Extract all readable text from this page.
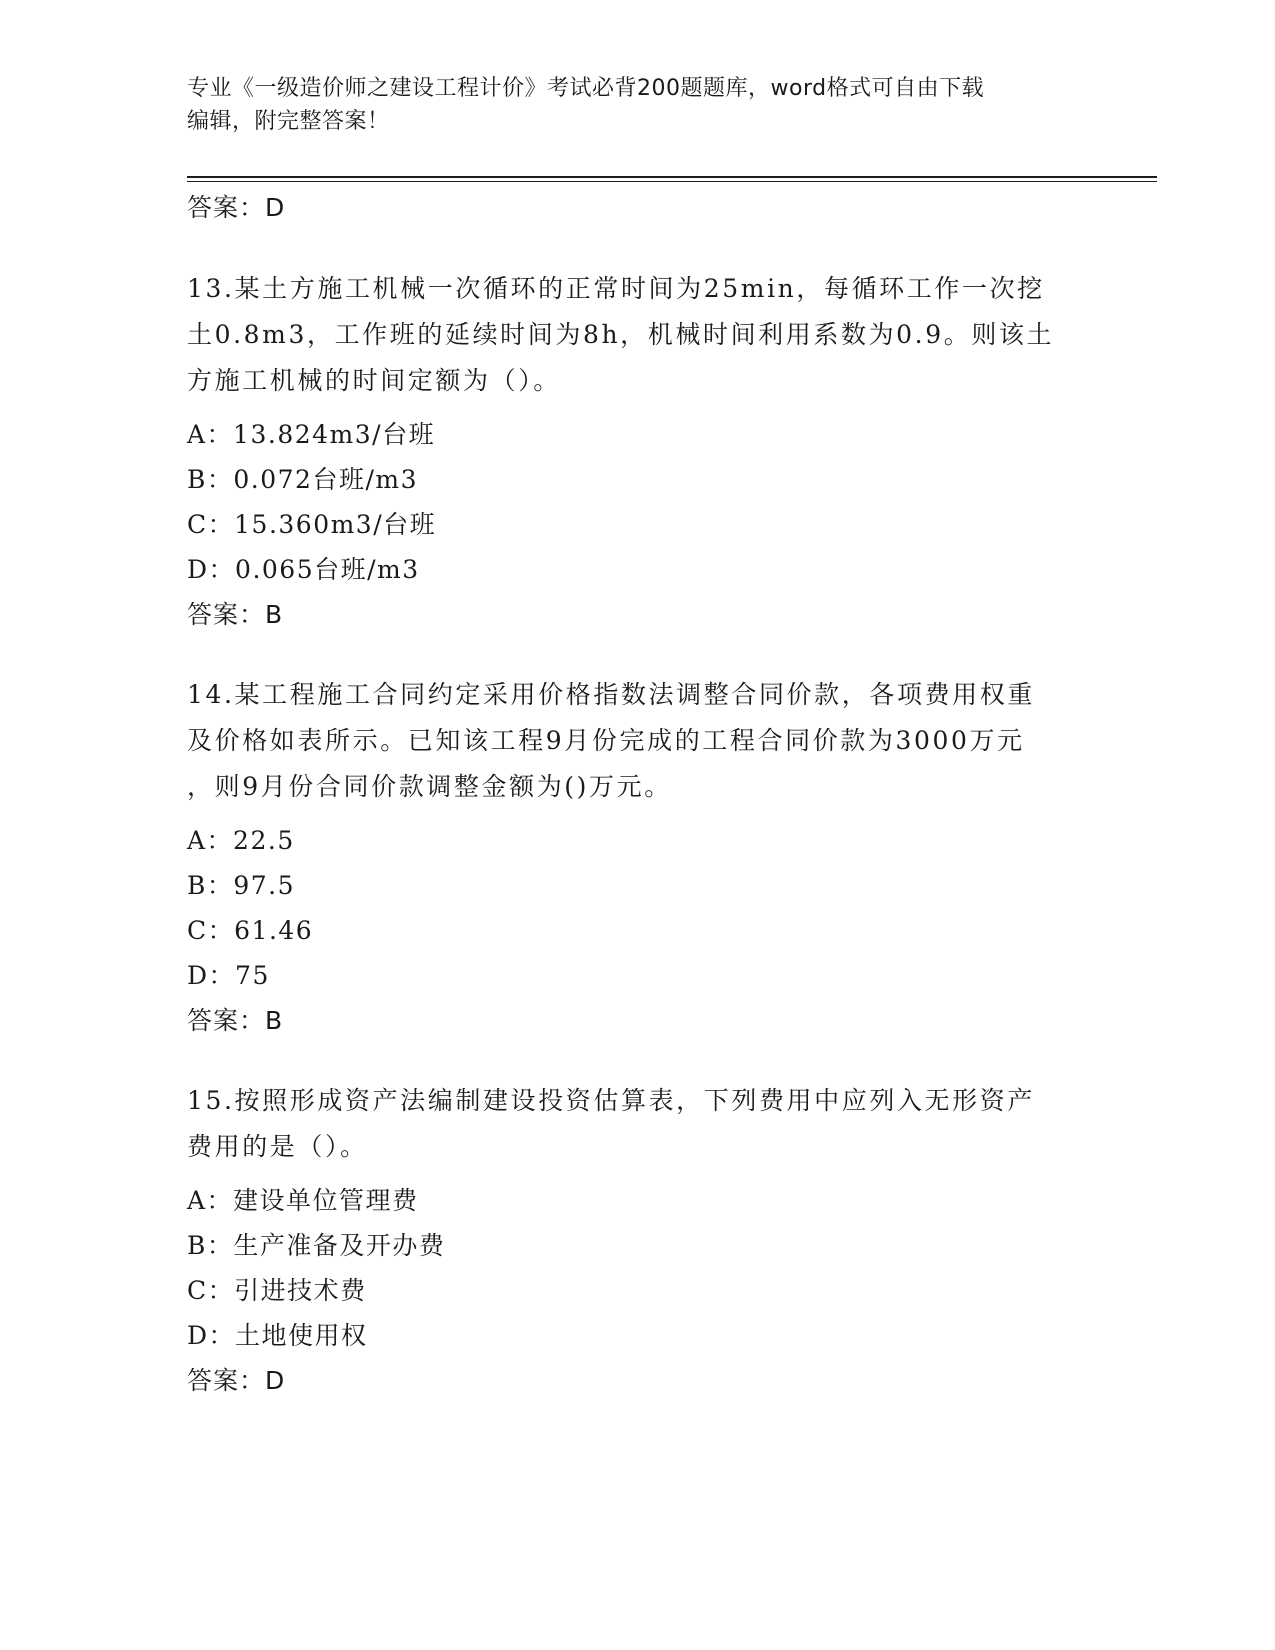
专业《一级造价师之建设工程计价》考试必背200题题库，word格式可自由下载
编辑，附完整答案！
答案：D
13.某土方施工机械一次循环的正常时间为25min，每循环工作一次挖
土0.8m3，工作班的延续时间为8h，机械时间利用系数为0.9。则该土
方施工机械的时间定额为（）。
A：13.824m3/台班
B：0.072台班/m3
C：15.360m3/台班
D：0.065台班/m3
答案：B
14.某工程施工合同约定采用价格指数法调整合同价款，各项费用权重
及价格如表所示。已知该工程9月份完成的工程合同价款为3000万元
，则9月份合同价款调整金额为()万元。
A：22.5
B：97.5
C：61.46
D：75
答案：B
15.按照形成资产法编制建设投资估算表，下列费用中应列入无形资产
费用的是（）。
A：建设单位管理费
B：生产准备及开办费
C：引进技术费
D：土地使用权
答案：D
